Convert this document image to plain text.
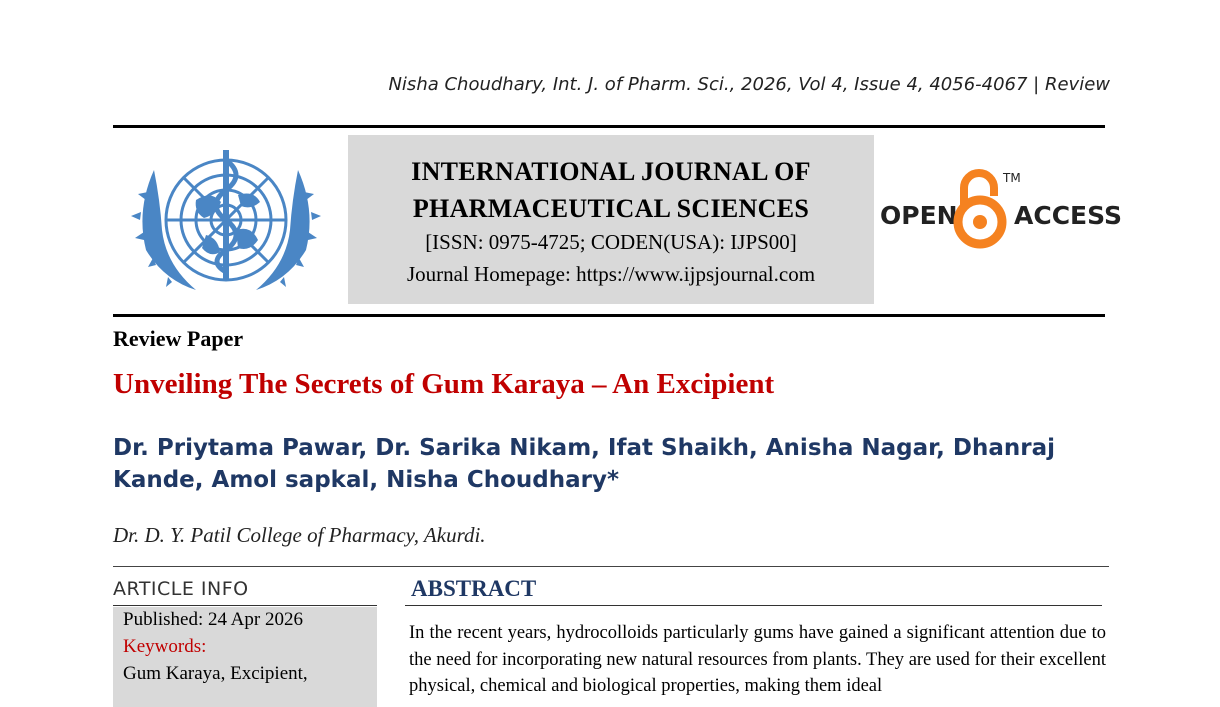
Nisha Choudhary, Int. J. of Pharm. Sci., 2026, Vol 4, Issue 4, 4056-4067 | Review
INTERNATIONAL JOURNAL OF
PHARMACEUTICAL SCIENCES
[ISSN: 0975-4725; CODEN(USA): IJPS00]
Journal Homepage: https://www.ijpsjournal.com
OPEN ACCESS
TM
Review Paper
Unveiling The Secrets of Gum Karaya – An Excipient
Dr. Priytama Pawar, Dr. Sarika Nikam, Ifat Shaikh, Anisha Nagar, Dhanraj Kande, Amol sapkal, Nisha Choudhary*
Dr. D. Y. Patil College of Pharmacy, Akurdi.
ARTICLE INFO
Published: 24 Apr 2026
Keywords:
Gum Karaya, Excipient,
ABSTRACT
In the recent years, hydrocolloids particularly gums have gained a significant attention due to the need for incorporating new natural resources from plants. They are used for their excellent physical, chemical and biological properties, making them ideal
